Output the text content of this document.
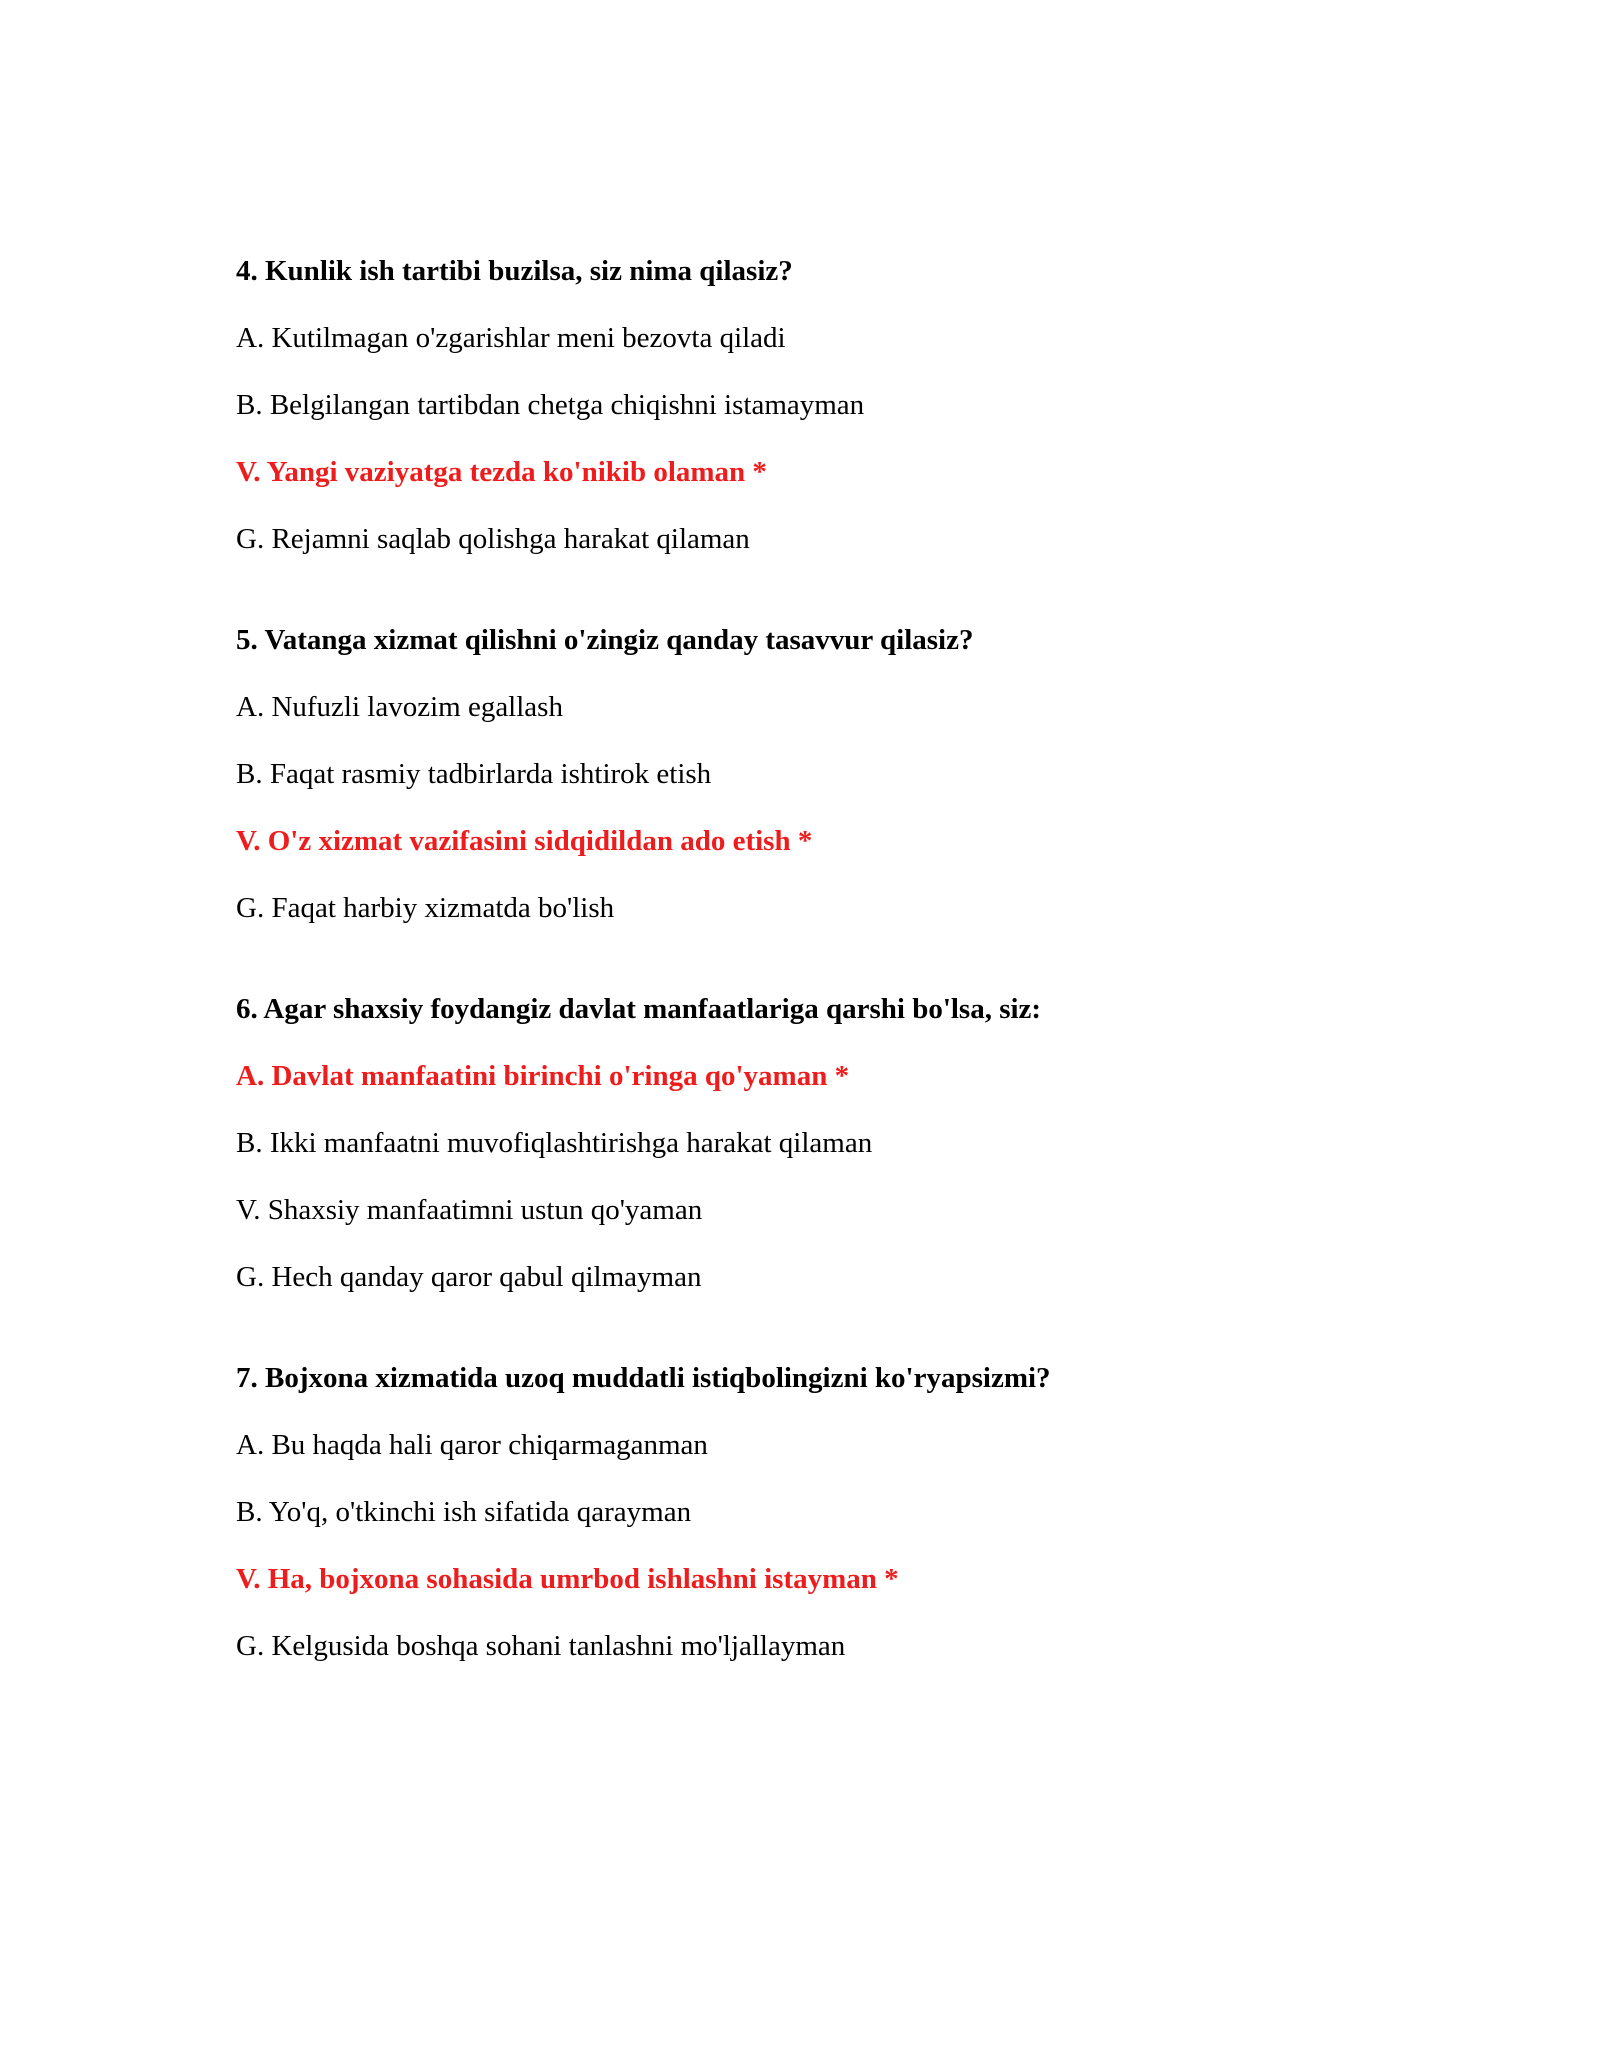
4. Kunlik ish tartibi buzilsa, siz nima qilasiz?
A. Kutilmagan o'zgarishlar meni bezovta qiladi
B. Belgilangan tartibdan chetga chiqishni istamayman
V. Yangi vaziyatga tezda ko'nikib olaman *
G. Rejamni saqlab qolishga harakat qilaman
5. Vatanga xizmat qilishni o'zingiz qanday tasavvur qilasiz?
A. Nufuzli lavozim egallash
B. Faqat rasmiy tadbirlarda ishtirok etish
V. O'z xizmat vazifasini sidqidildan ado etish *
G. Faqat harbiy xizmatda bo'lish
6. Agar shaxsiy foydangiz davlat manfaatlariga qarshi bo'lsa, siz:
A. Davlat manfaatini birinchi o'ringa qo'yaman *
B. Ikki manfaatni muvofiqlashtirishga harakat qilaman
V. Shaxsiy manfaatimni ustun qo'yaman
G. Hech qanday qaror qabul qilmayman
7. Bojxona xizmatida uzoq muddatli istiqbolingizni ko'ryapsizmi?
A. Bu haqda hali qaror chiqarmaganman
B. Yo'q, o'tkinchi ish sifatida qarayman
V. Ha, bojxona sohasida umrbod ishlashni istayman *
G. Kelgusida boshqa sohani tanlashni mo'ljallayman
